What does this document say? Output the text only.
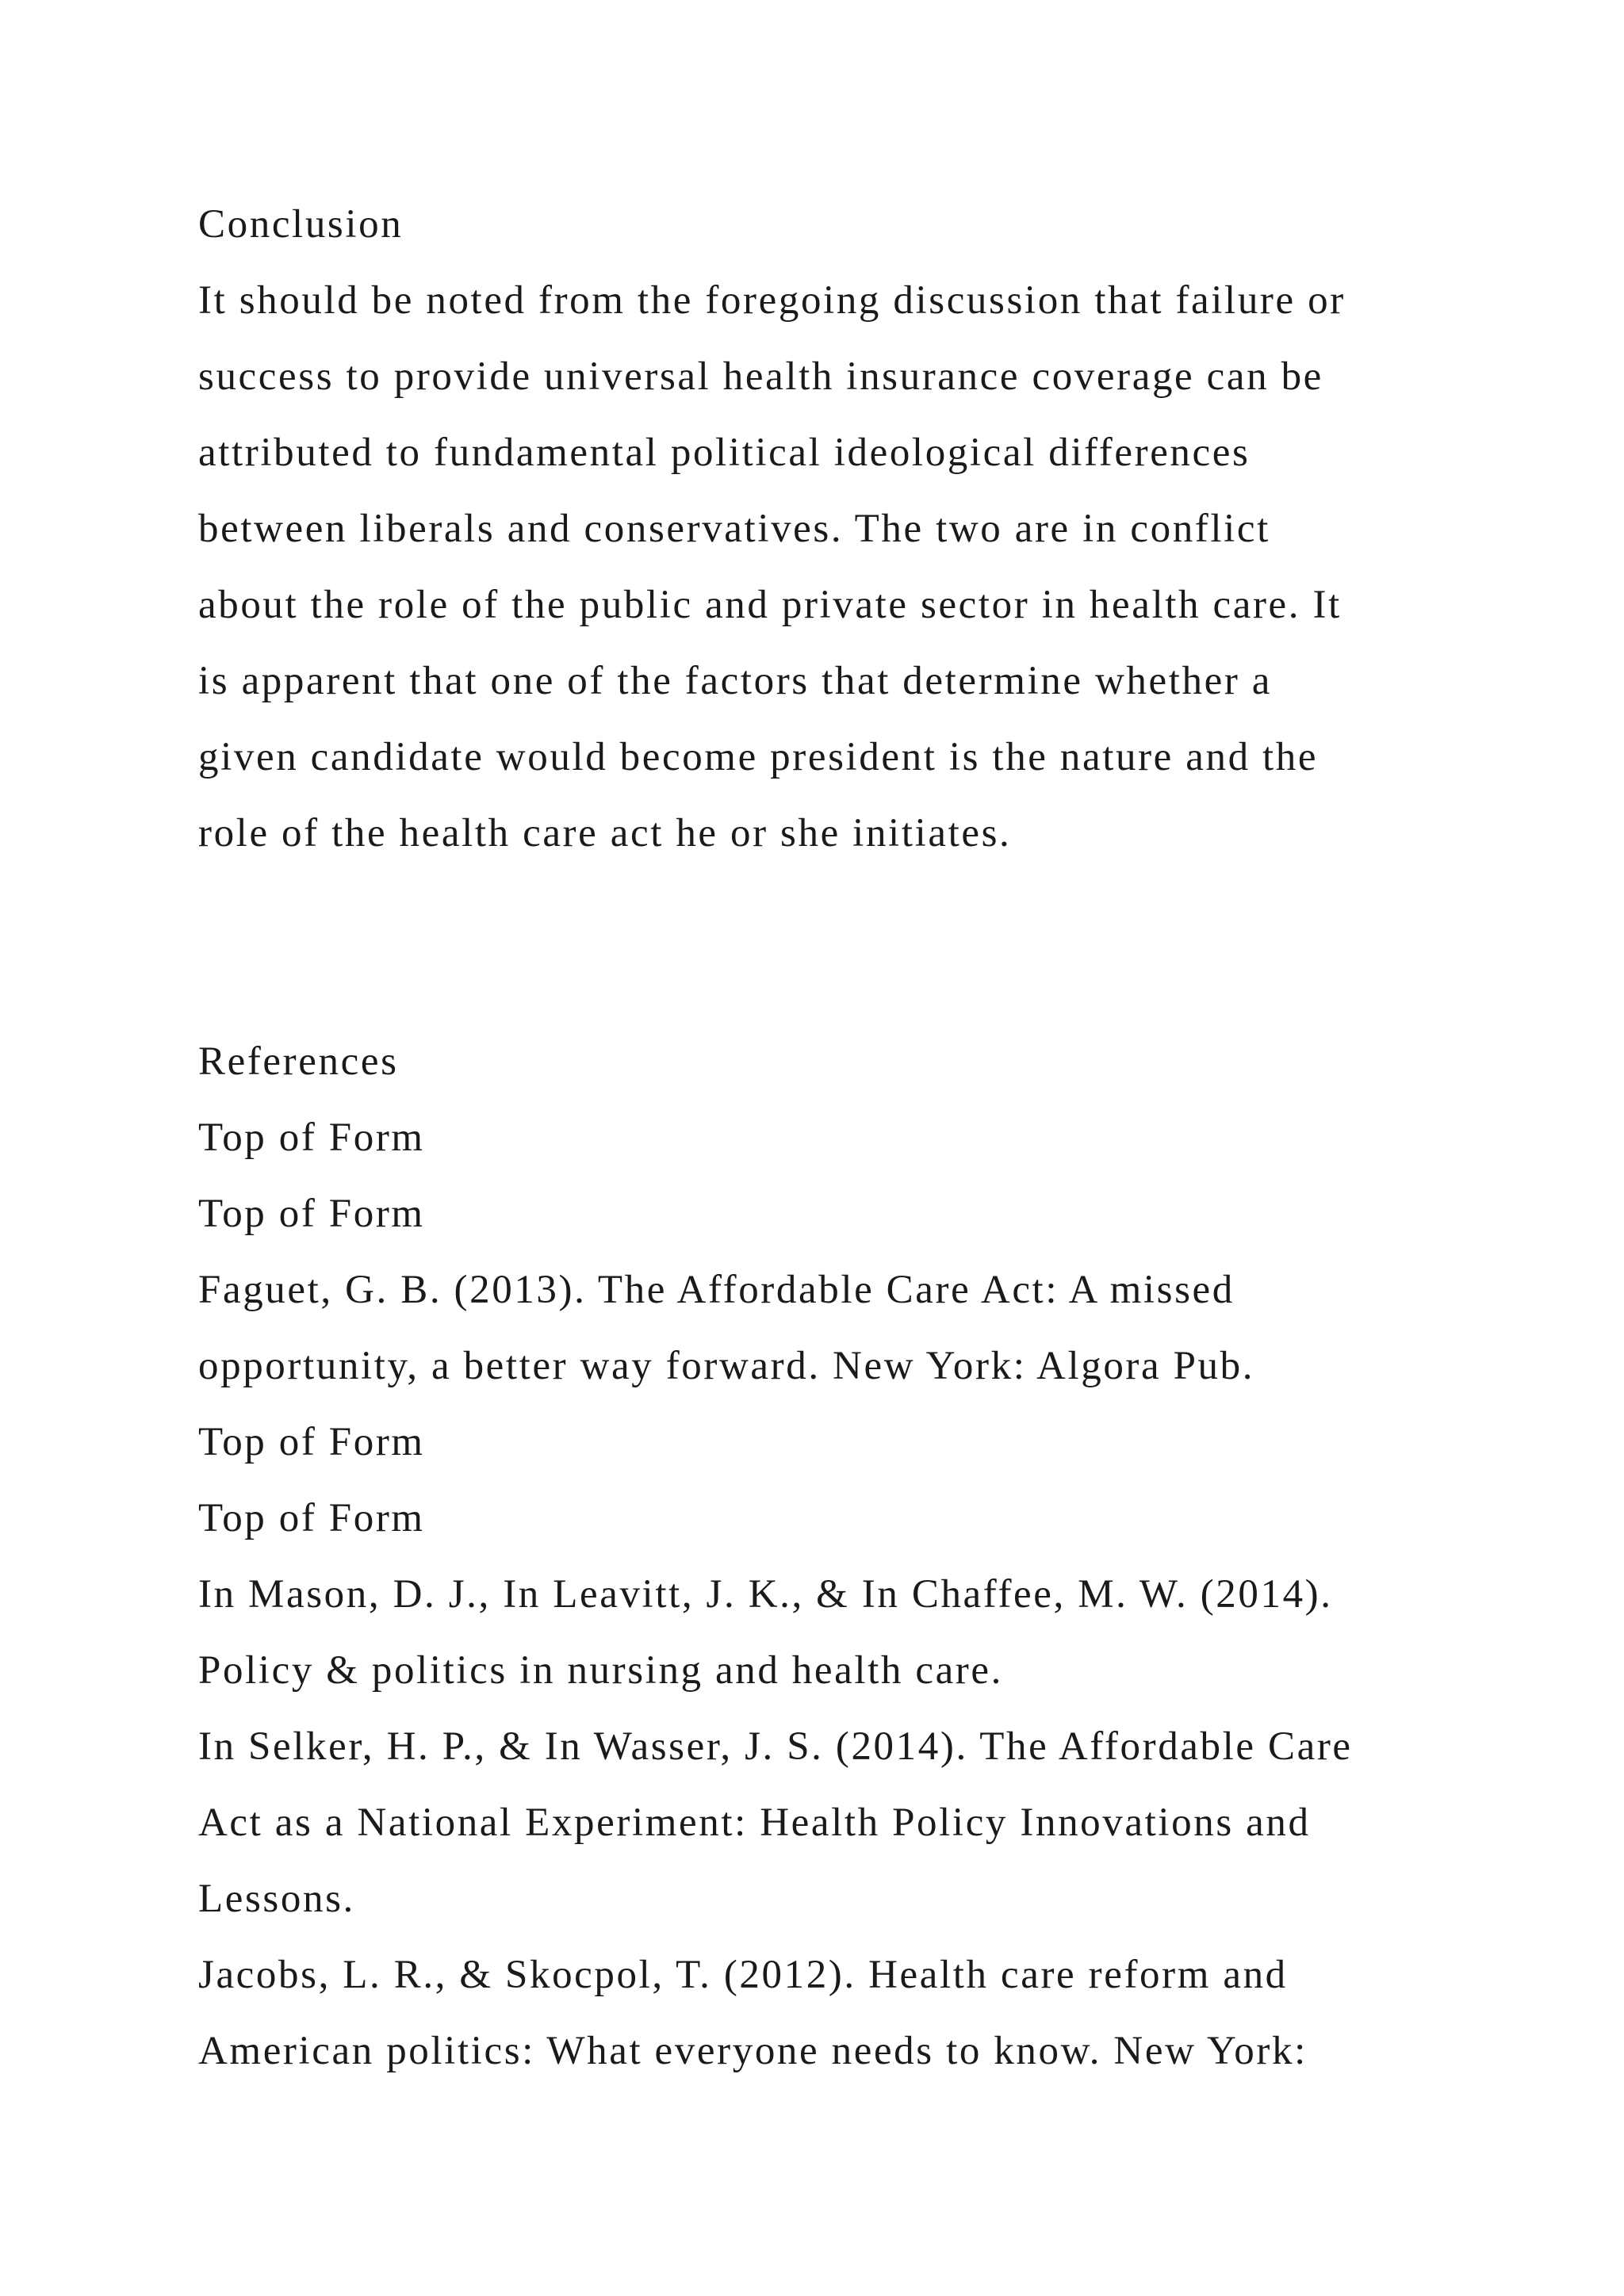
Conclusion
It should be noted from the foregoing discussion that failure or
success to provide universal health insurance coverage can be
attributed to fundamental political ideological differences
between liberals and conservatives. The two are in conflict
about the role of the public and private sector in health care. It
is apparent that one of the factors that determine whether a
given candidate would become president is the nature and the
role of the health care act he or she initiates.
References
Top of Form
Top of Form
Faguet, G. B. (2013). The Affordable Care Act: A missed
opportunity, a better way forward. New York: Algora Pub.
Top of Form
Top of Form
In Mason, D. J., In Leavitt, J. K., & In Chaffee, M. W. (2014).
Policy & politics in nursing and health care.
In Selker, H. P., & In Wasser, J. S. (2014). The Affordable Care
Act as a National Experiment: Health Policy Innovations and
Lessons.
Jacobs, L. R., & Skocpol, T. (2012). Health care reform and
American politics: What everyone needs to know. New York:
